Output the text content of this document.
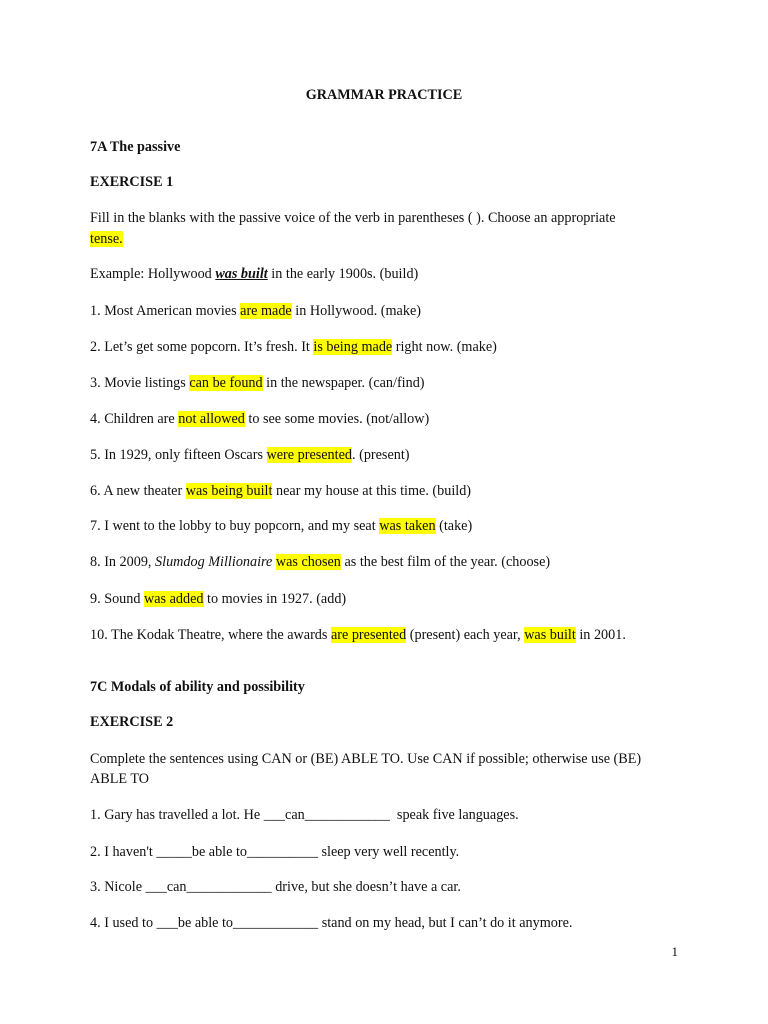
GRAMMAR PRACTICE
7A The passive
EXERCISE 1
Fill in the blanks with the passive voice of the verb in parentheses ( ). Choose an appropriate
tense.
Example: Hollywood was built in the early 1900s. (build)
1. Most American movies are made in Hollywood. (make)
2. Let’s get some popcorn. It’s fresh. It is being made right now. (make)
3. Movie listings can be found in the newspaper. (can/find)
4. Children are not allowed to see some movies. (not/allow)
5. In 1929, only fifteen Oscars were presented. (present)
6. A new theater was being built near my house at this time. (build)
7. I went to the lobby to buy popcorn, and my seat was taken (take)
8. In 2009, Slumdog Millionaire was chosen as the best film of the year. (choose)
9. Sound was added to movies in 1927. (add)
10. The Kodak Theatre, where the awards are presented (present) each year, was built in 2001.
7C Modals of ability and possibility
EXERCISE 2
Complete the sentences using CAN or (BE) ABLE TO. Use CAN if possible; otherwise use (BE)
ABLE TO
1. Gary has travelled a lot. He ___can____________  speak five languages.
2. I haven't _____be able to__________ sleep very well recently.
3. Nicole ___can____________ drive, but she doesn’t have a car.
4. I used to ___be able to____________ stand on my head, but I can’t do it anymore.
1
